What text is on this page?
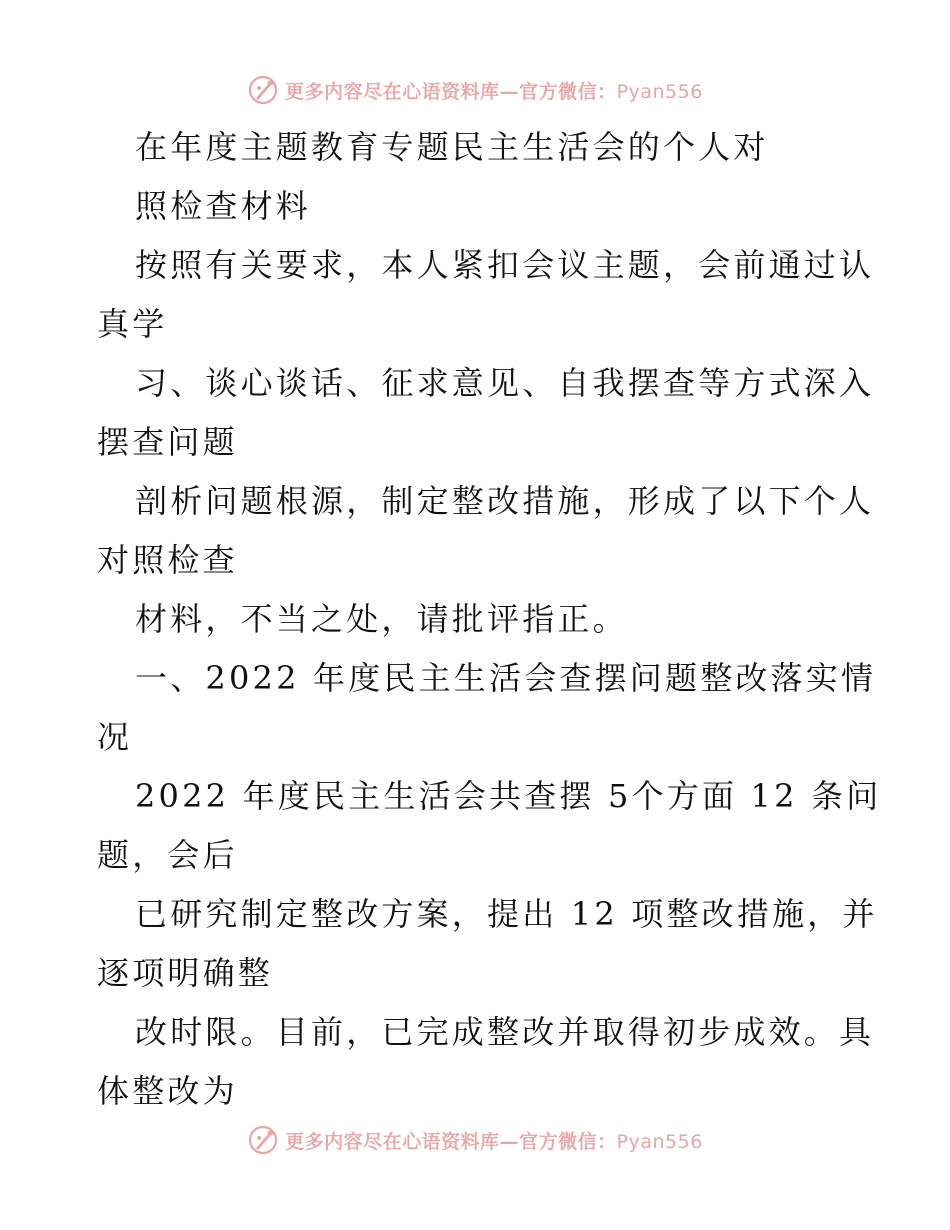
更多内容尽在心语资料库—官方微信：Pyan556
在年度主题教育专题民主生活会的个人对
照检查材料
按照有关要求，本人紧扣会议主题，会前通过认
真学
习、谈心谈话、征求意见、自我摆查等方式深入
摆查问题
剖析问题根源，制定整改措施，形成了以下个人
对照检查
材料，不当之处，请批评指正。
一、2022 年度民主生活会查摆问题整改落实情
况
2022 年度民主生活会共查摆 5个方面 12 条问
题，会后
已研究制定整改方案，提出 12 项整改措施，并
逐项明确整
改时限。目前，已完成整改并取得初步成效。具
体整改为
更多内容尽在心语资料库—官方微信：Pyan556
